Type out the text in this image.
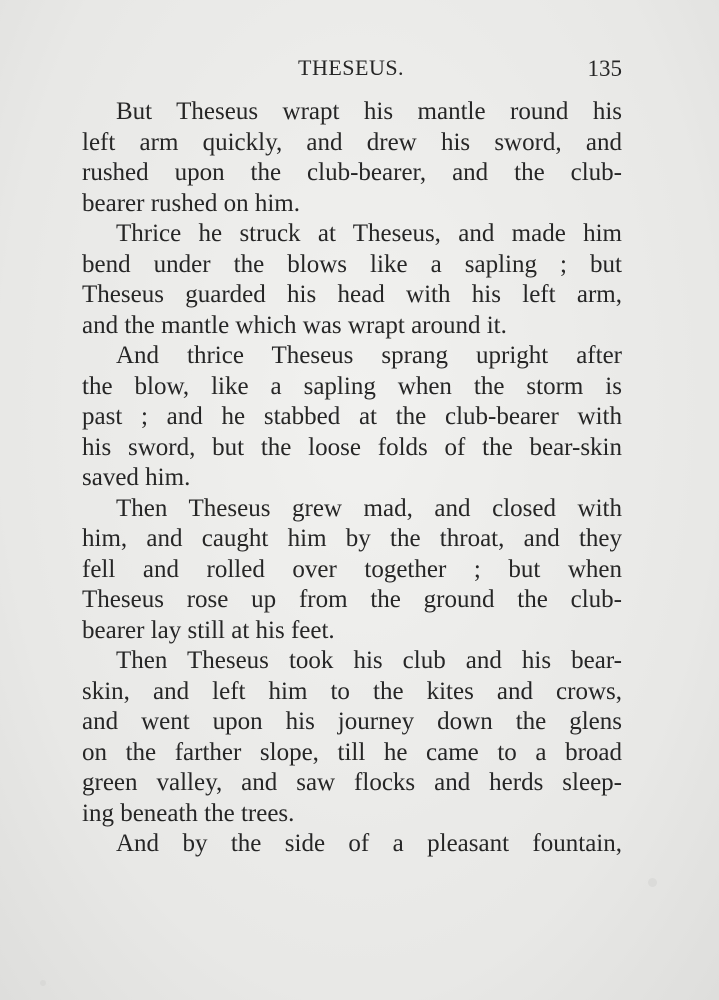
THESEUS.	135
But Theseus wrapt his mantle round his
left arm quickly, and drew his sword, and
rushed upon the club-bearer, and the club-
bearer rushed on him.
Thrice he struck at Theseus, and made him
bend under the blows like a sapling ; but
Theseus guarded his head with his left arm,
and the mantle which was wrapt around it.
And thrice Theseus sprang upright after
the blow, like a sapling when the storm is
past ; and he stabbed at the club-bearer with
his sword, but the loose folds of the bear-skin
saved him.
Then Theseus grew mad, and closed with
him, and caught him by the throat, and they
fell and rolled over together ; but when
Theseus rose up from the ground the club-
bearer lay still at his feet.
Then Theseus took his club and his bear-
skin, and left him to the kites and crows,
and went upon his journey down the glens
on the farther slope, till he came to a broad
green valley, and saw flocks and herds sleep-
ing beneath the trees.
And by the side of a pleasant fountain,
